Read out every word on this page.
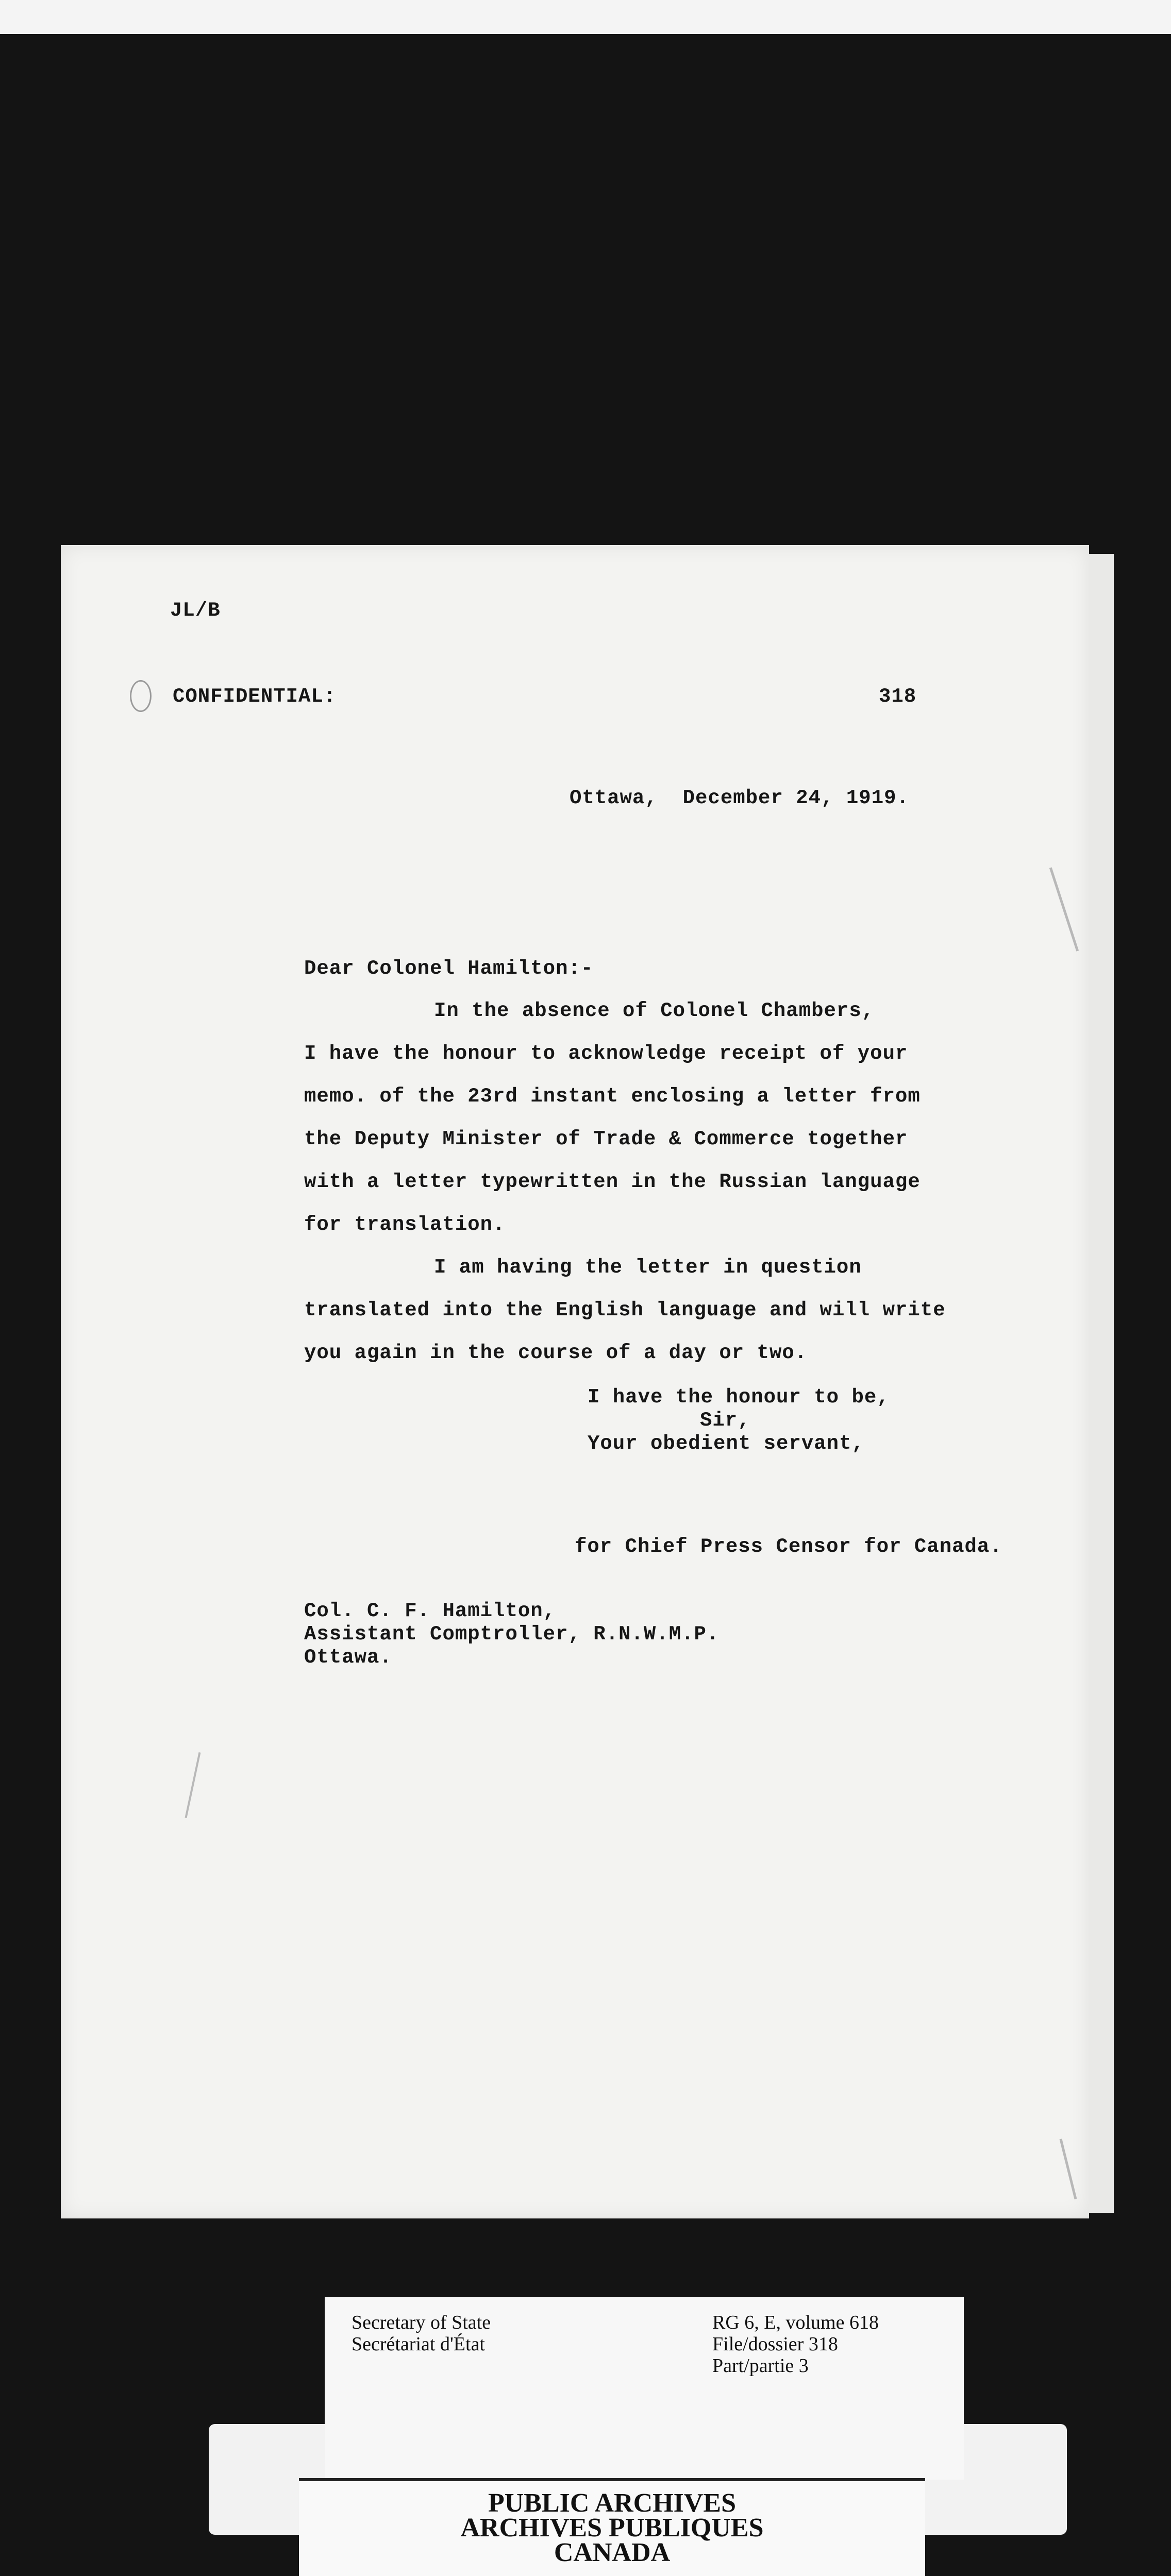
JL/B
CONFIDENTIAL:	318
Ottawa,  December 24, 1919.
Dear Colonel Hamilton:-
In the absence of Colonel Chambers,
I have the honour to acknowledge receipt of your
memo. of the 23rd instant enclosing a letter from
the Deputy Minister of Trade & Commerce together
with a letter typewritten in the Russian language
for translation.
I am having the letter in question
translated into the English language and will write
you again in the course of a day or two.
I have the honour to be,
Sir,
Your obedient servant,
for Chief Press Censor for Canada.
Col. C. F. Hamilton,
Assistant Comptroller, R.N.W.M.P.
Ottawa.
Secretary of State
Secrétariat d'État
RG 6, E, volume 618
File/dossier 318
Part/partie 3
PUBLIC ARCHIVES
ARCHIVES PUBLIQUES
CANADA
